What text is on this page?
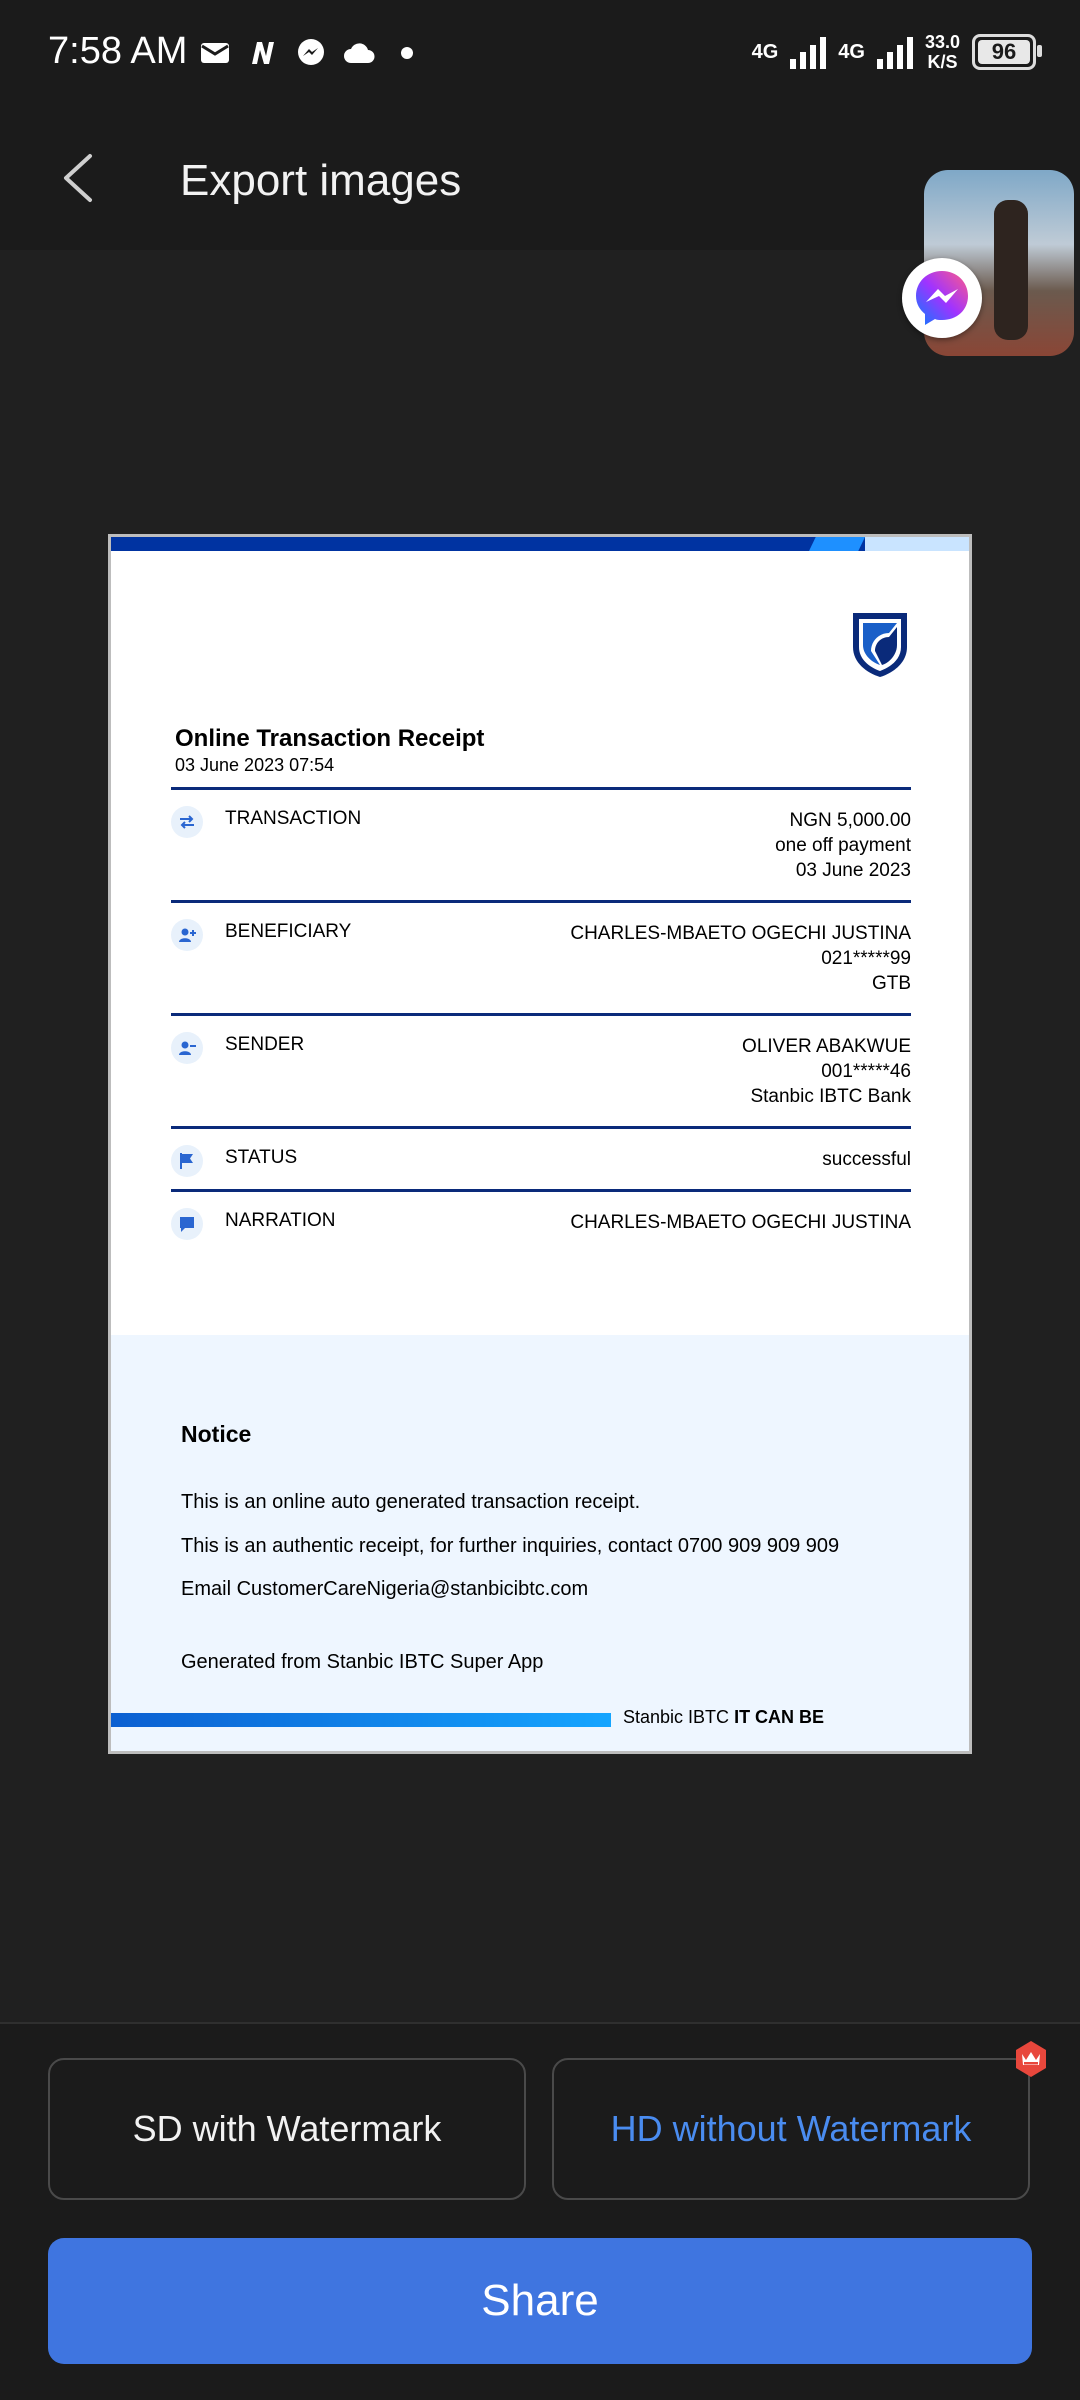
7:58 AM	4G	4G	33.0
K/S 96
Export images
Online Transaction Receipt
03 June 2023 07:54
TRANSACTION	NGN 5,000.00
one off payment
03 June 2023
BENEFICIARY	CHARLES-MBAETO OGECHI JUSTINA
021*****99
GTB
SENDER	OLIVER ABAKWUE
001*****46
Stanbic IBTC Bank
STATUS	successful
NARRATION	CHARLES-MBAETO OGECHI JUSTINA
Notice
This is an online auto generated transaction receipt.
This is an authentic receipt, for further inquiries, contact 0700 909 909 909
Email CustomerCareNigeria@stanbicibtc.com
Generated from Stanbic IBTC Super App
Stanbic IBTC IT CAN BE
SD with Watermark	HD without Watermark
Share
